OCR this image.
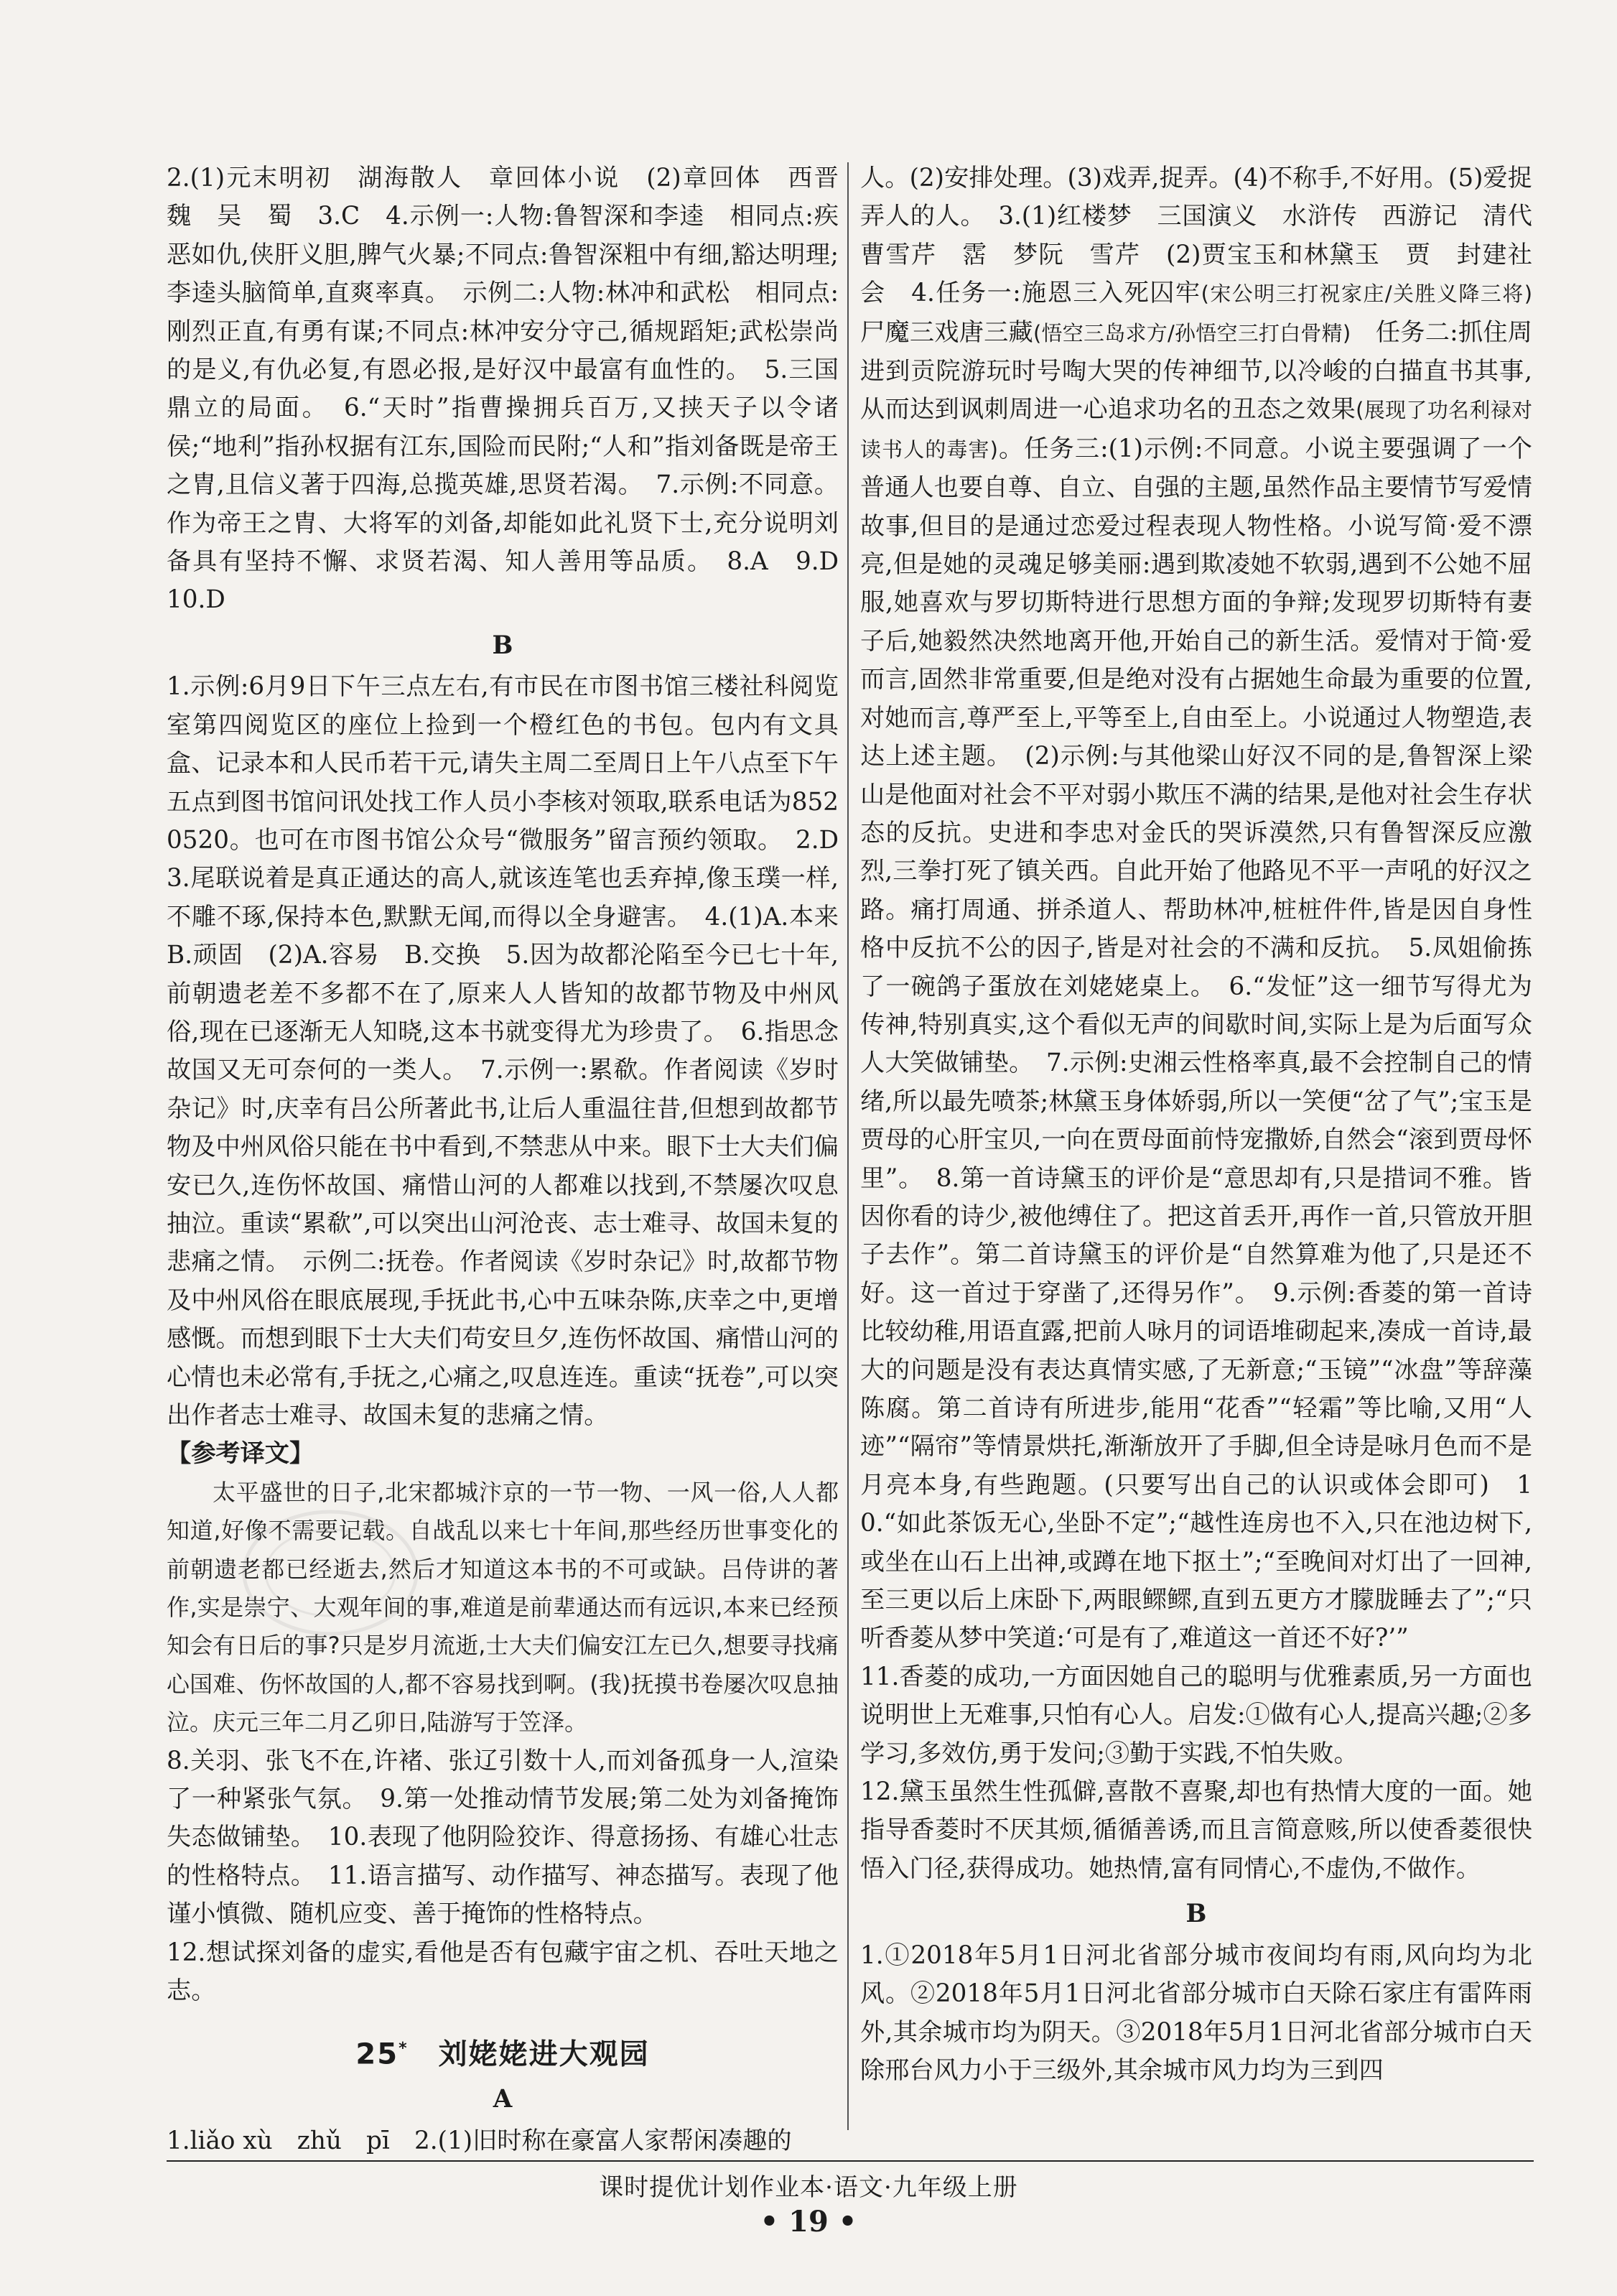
2.(1)元末明初　湖海散人　章回体小说　(2)章回体　西晋　魏　吴　蜀　3.C　4.示例一:人物:鲁智深和李逵　相同点:疾恶如仇,侠肝义胆,脾气火暴;不同点:鲁智深粗中有细,豁达明理;李逵头脑简单,直爽率真。　示例二:人物:林冲和武松　相同点:刚烈正直,有勇有谋;不同点:林冲安分守己,循规蹈矩;武松崇尚的是义,有仇必复,有恩必报,是好汉中最富有血性的。　5.三国鼎立的局面。　6.“天时”指曹操拥兵百万,又挟天子以令诸侯;“地利”指孙权据有江东,国险而民附;“人和”指刘备既是帝王之胄,且信义著于四海,总揽英雄,思贤若渴。　7.示例:不同意。作为帝王之胄、大将军的刘备,却能如此礼贤下士,充分说明刘备具有坚持不懈、求贤若渴、知人善用等品质。　8.A　9.D　10.D

B

1.示例:6月9日下午三点左右,有市民在市图书馆三楼社科阅览室第四阅览区的座位上捡到一个橙红色的书包。包内有文具盒、记录本和人民币若干元,请失主周二至周日上午八点至下午五点到图书馆问讯处找工作人员小李核对领取,联系电话为8520520。也可在市图书馆公众号“微服务”留言预约领取。　2.D　3.尾联说着是真正通达的高人,就该连笔也丢弃掉,像玉璞一样,不雕不琢,保持本色,默默无闻,而得以全身避害。　4.(1)A.本来　B.顽固　(2)A.容易　B.交换　5.因为故都沦陷至今已七十年,前朝遗老差不多都不在了,原来人人皆知的故都节物及中州风俗,现在已逐渐无人知晓,这本书就变得尤为珍贵了。　6.指思念故国又无可奈何的一类人。　7.示例一:累欷。作者阅读《岁时杂记》时,庆幸有吕公所著此书,让后人重温往昔,但想到故都节物及中州风俗只能在书中看到,不禁悲从中来。眼下士大夫们偏安已久,连伤怀故国、痛惜山河的人都难以找到,不禁屡次叹息抽泣。重读“累欷”,可以突出山河沧丧、志士难寻、故国未复的悲痛之情。　示例二:抚卷。作者阅读《岁时杂记》时,故都节物及中州风俗在眼底展现,手抚此书,心中五味杂陈,庆幸之中,更增感慨。而想到眼下士大夫们苟安旦夕,连伤怀故国、痛惜山河的心情也未必常有,手抚之,心痛之,叹息连连。重读“抚卷”,可以突出作者志士难寻、故国未复的悲痛之情。

【参考译文】

太平盛世的日子,北宋都城汴京的一节一物、一风一俗,人人都知道,好像不需要记载。自战乱以来七十年间,那些经历世事变化的前朝遗老都已经逝去,然后才知道这本书的不可或缺。吕侍讲的著作,实是崇宁、大观年间的事,难道是前辈通达而有远识,本来已经预知会有日后的事?只是岁月流逝,士大夫们偏安江左已久,想要寻找痛心国难、伤怀故国的人,都不容易找到啊。(我)抚摸书卷屡次叹息抽泣。庆元三年二月乙卯日,陆游写于笠泽。

8.关羽、张飞不在,许褚、张辽引数十人,而刘备孤身一人,渲染了一种紧张气氛。　9.第一处推动情节发展;第二处为刘备掩饰失态做铺垫。　10.表现了他阴险狡诈、得意扬扬、有雄心壮志的性格特点。　11.语言描写、动作描写、神态描写。表现了他谨小慎微、随机应变、善于掩饰的性格特点。

12.想试探刘备的虚实,看他是否有包藏宇宙之机、吞吐天地之志。

25*  刘姥姥进大观园
A

1.liǎo xù　zhǔ　pī　2.(1)旧时称在豪富人家帮闲凑趣的

人。(2)安排处理。(3)戏弄,捉弄。(4)不称手,不好用。(5)爱捉弄人的人。　3.(1)红楼梦　三国演义　水浒传　西游记　清代　曹雪芹　霑　梦阮　雪芹　(2)贾宝玉和林黛玉　贾　封建社会　4.任务一:施恩三入死囚牢(宋公明三打祝家庄/关胜义降三将)　尸魔三戏唐三藏(悟空三岛求方/孙悟空三打白骨精)　 任务二:抓住周进到贡院游玩时号啕大哭的传神细节,以冷峻的白描直书其事,从而达到讽刺周进一心追求功名的丑态之效果(展现了功名利禄对读书人的毒害)。任务三:(1)示例:不同意。小说主要强调了一个普通人也要自尊、自立、自强的主题,虽然作品主要情节写爱情故事,但目的是通过恋爱过程表现人物性格。小说写简·爱不漂亮,但是她的灵魂足够美丽:遇到欺凌她不软弱,遇到不公她不屈服,她喜欢与罗切斯特进行思想方面的争辩;发现罗切斯特有妻子后,她毅然决然地离开他,开始自己的新生活。爱情对于简·爱而言,固然非常重要,但是绝对没有占据她生命最为重要的位置,对她而言,尊严至上,平等至上,自由至上。小说通过人物塑造,表达上述主题。　(2)示例:与其他梁山好汉不同的是,鲁智深上梁山是他面对社会不平对弱小欺压不满的结果,是他对社会生存状态的反抗。史进和李忠对金氏的哭诉漠然,只有鲁智深反应激烈,三拳打死了镇关西。自此开始了他路见不平一声吼的好汉之路。痛打周通、拼杀道人、帮助林冲,桩桩件件,皆是因自身性格中反抗不公的因子,皆是对社会的不满和反抗。　5.凤姐偷拣了一碗鸽子蛋放在刘姥姥桌上。　6.“发怔”这一细节写得尤为传神,特别真实,这个看似无声的间歇时间,实际上是为后面写众人大笑做铺垫。　7.示例:史湘云性格率真,最不会控制自己的情绪,所以最先喷茶;林黛玉身体娇弱,所以一笑便“岔了气”;宝玉是贾母的心肝宝贝,一向在贾母面前恃宠撒娇,自然会“滚到贾母怀里”。　8.第一首诗黛玉的评价是“意思却有,只是措词不雅。皆因你看的诗少,被他缚住了。把这首丢开,再作一首,只管放开胆子去作”。第二首诗黛玉的评价是“自然算难为他了,只是还不好。这一首过于穿凿了,还得另作”。　9.示例:香菱的第一首诗比较幼稚,用语直露,把前人咏月的词语堆砌起来,凑成一首诗,最大的问题是没有表达真情实感,了无新意;“玉镜”“冰盘”等辞藻陈腐。第二首诗有所进步,能用“花香”“轻霜”等比喻,又用“人迹”“隔帘”等情景烘托,渐渐放开了手脚,但全诗是咏月色而不是月亮本身,有些跑题。(只要写出自己的认识或体会即可)　10.“如此茶饭无心,坐卧不定”;“越性连房也不入,只在池边树下,或坐在山石上出神,或蹲在地下抠土”;“至晚间对灯出了一回神,至三更以后上床卧下,两眼鳏鳏,直到五更方才朦胧睡去了”;“只听香菱从梦中笑道:‘可是有了,难道这一首还不好?’”

11.香菱的成功,一方面因她自己的聪明与优雅素质,另一方面也说明世上无难事,只怕有心人。启发:①做有心人,提高兴趣;②多学习,多效仿,勇于发问;③勤于实践,不怕失败。

12.黛玉虽然生性孤僻,喜散不喜聚,却也有热情大度的一面。她指导香菱时不厌其烦,循循善诱,而且言简意赅,所以使香菱很快悟入门径,获得成功。她热情,富有同情心,不虚伪,不做作。

B

1.①2018年5月1日河北省部分城市夜间均有雨,风向均为北风。②2018年5月1日河北省部分城市白天除石家庄有雷阵雨外,其余城市均为阴天。③2018年5月1日河北省部分城市白天除邢台风力小于三级外,其余城市风力均为三到四

课时提优计划作业本·语文·九年级上册
• 19 •
